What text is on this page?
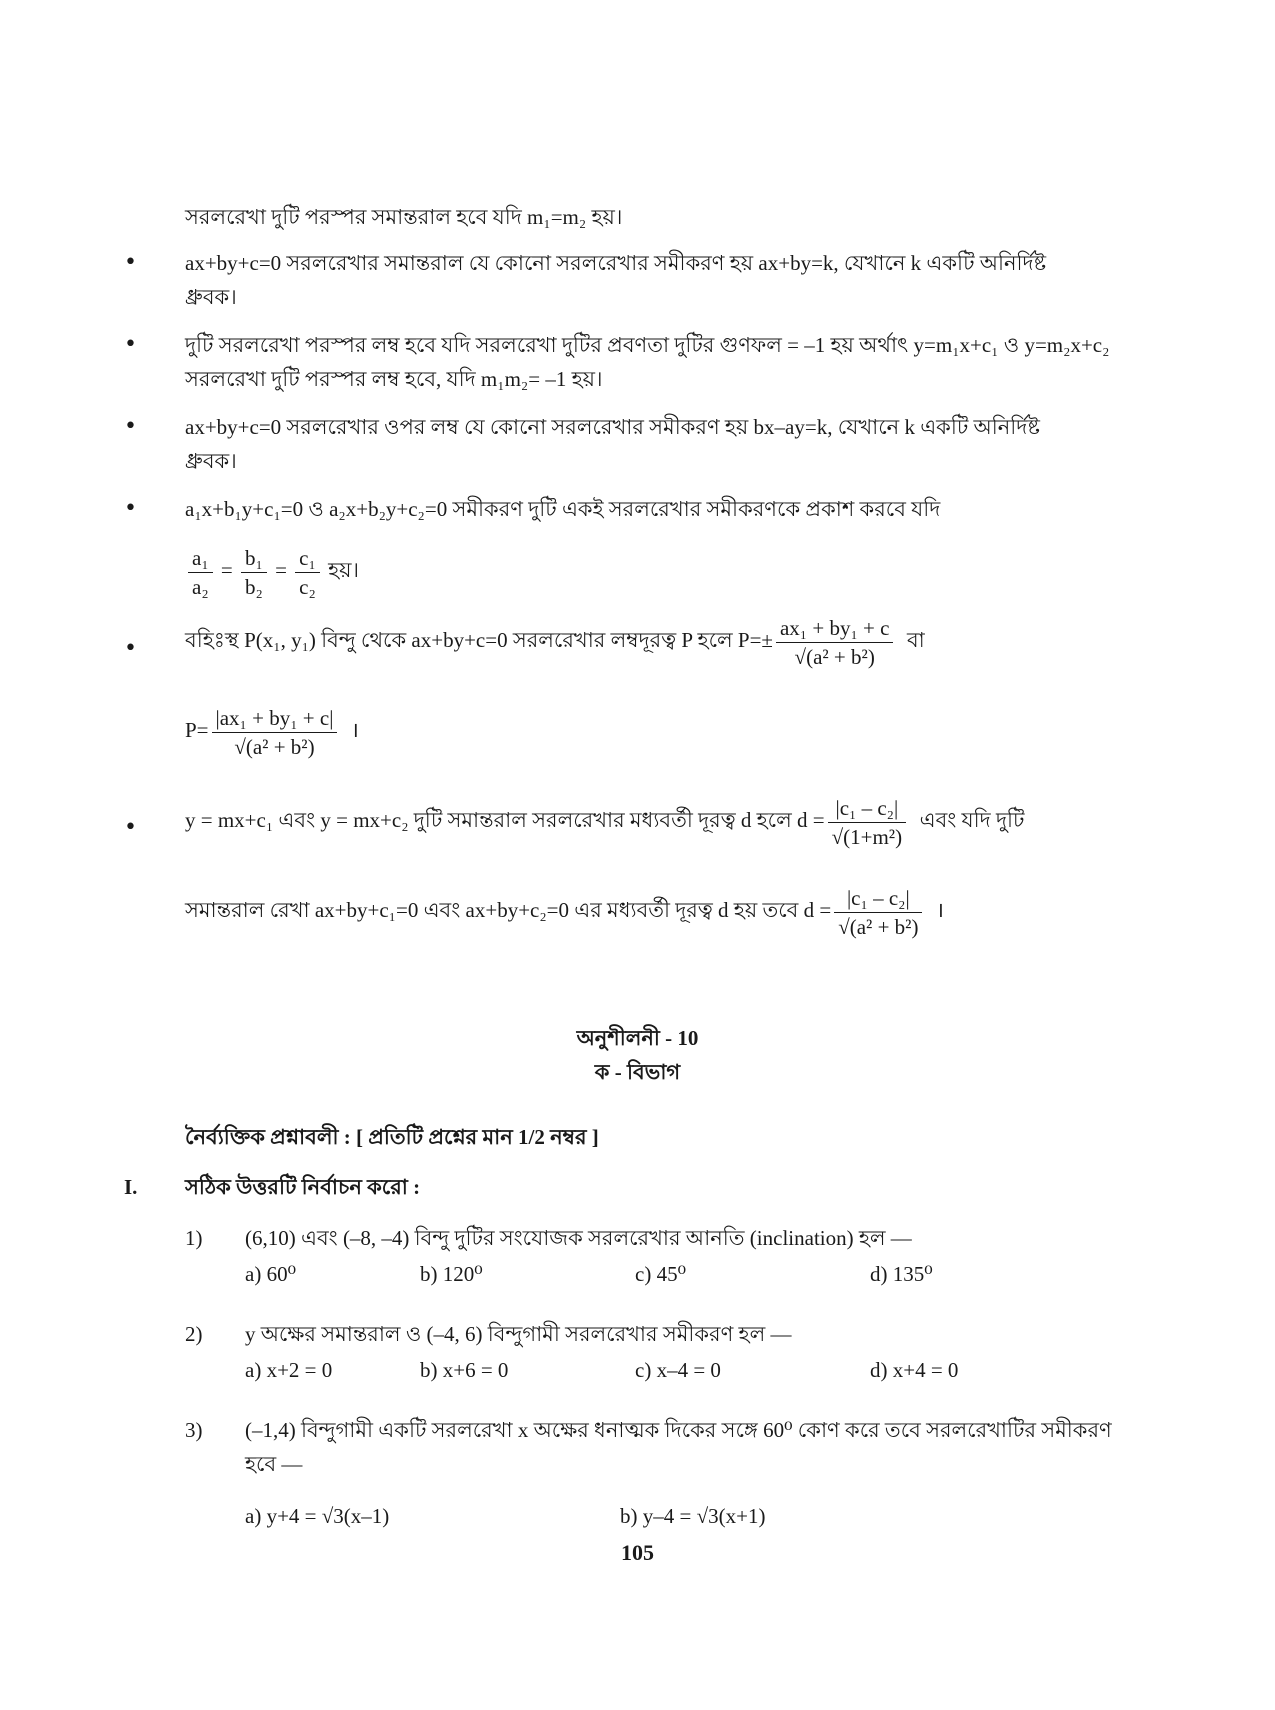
সরলরেখা দুটি পরস্পর সমান্তরাল হবে যদি m₁=m₂ হয়।
• ax+by+c=0 সরলরেখার সমান্তরাল যে কোনো সরলরেখার সমীকরণ হয় ax+by=k, যেখানে k একটি অনির্দিষ্ট
ধ্রুবক।
• দুটি সরলরেখা পরস্পর লম্ব হবে যদি সরলরেখা দুটির প্রবণতা দুটির গুণফল = –1 হয় অর্থাৎ y=m₁x+c₁ ও y=m₂x+c₂
সরলরেখা দুটি পরস্পর লম্ব হবে, যদি m₁m₂= –1 হয়।
• ax+by+c=0 সরলরেখার ওপর লম্ব যে কোনো সরলরেখার সমীকরণ হয় bx–ay=k, যেখানে k একটি অনির্দিষ্ট
ধ্রুবক।
• a₁x+b₁y+c₁=0 ও a₂x+b₂y+c₂=0 সমীকরণ দুটি একই সরলরেখার সমীকরণকে প্রকাশ করবে যদি
$\frac{\text{a₁}}{\text{a₂}} = \frac{\text{b₁}}{\text{b₂}} = \frac{\text{c₁}}{\text{c₂}}$ হয়।
• বহিঃস্থ P(x₁, y₁) বিন্দু থেকে ax+by+c=0 সরলরেখার লম্বদূরত্ব P হলে $P=\pm \frac{\text{ax₁ + by₁ + c}}{\text{√(a² + b²)}}$ বা
$P= \frac{\text{|ax₁ + by₁ + c|}}{\text{√(a² + b²)}}$ ।
• y = mx+c₁ এবং y = mx+c₂ দুটি সমান্তরাল সরলরেখার মধ্যবর্তী দূরত্ব d হলে $d = \frac{\text{|c₁ – c₂|}}{\text{√(1+m²)}}$ এবং যদি দুটি
সমান্তরাল রেখা ax+by+c₁=0 এবং ax+by+c₂=0 এর মধ্যবর্তী দূরত্ব d হয় তবে $d = \frac{\text{|c₁ – c₂|}}{\text{√(a² + b²)}}$ ।
অনুশীলনী - 10
ক - বিভাগ
নৈর্ব্যক্তিক প্রশ্নাবলী : [ প্রতিটি প্রশ্নের মান 1/2 নম্বর ]
I. সঠিক উত্তরটি নির্বাচন করো :
1) (6,10) এবং (–8, –4) বিন্দু দুটির সংযোজক সরলরেখার আনতি (inclination) হল —
a) 60⁰	b) 120⁰	c) 45⁰	d) 135⁰
2) y অক্ষের সমান্তরাল ও (–4, 6) বিন্দুগামী সরলরেখার সমীকরণ হল —
a) x+2 = 0	b) x+6 = 0	c) x–4 = 0	d) x+4 = 0
3) (–1,4) বিন্দুগামী একটি সরলরেখা x অক্ষের ধনাত্মক দিকের সঙ্গে 60⁰ কোণ করে তবে সরলরেখাটির সমীকরণ
হবে —
a) y+4 = √3(x–1)	b) y–4 = √3(x+1)
105
